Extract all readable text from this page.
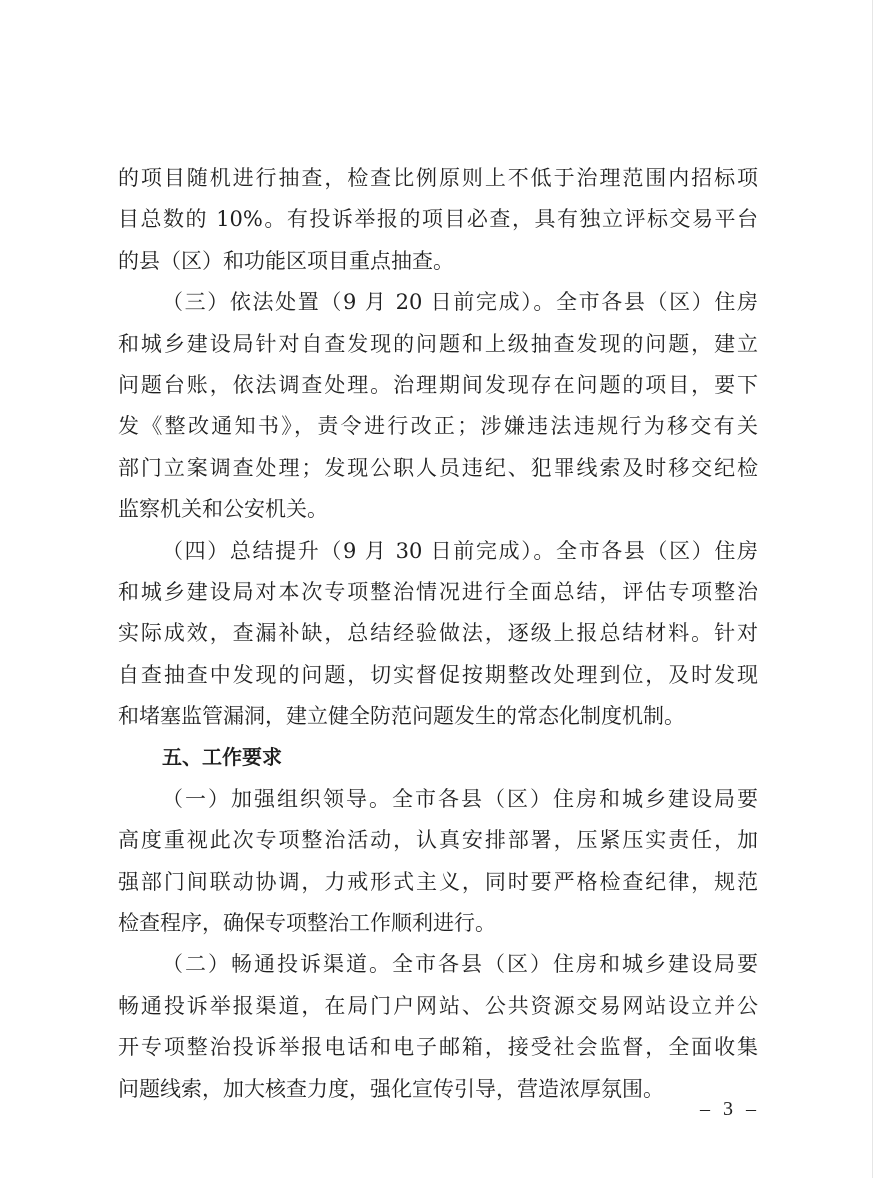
的项目随机进行抽查，检查比例原则上不低于治理范围内招标项
目总数的 10%。有投诉举报的项目必查，具有独立评标交易平台
的县（区）和功能区项目重点抽查。
（三）依法处置（9 月 20 日前完成）。全市各县（区）住房
和城乡建设局针对自查发现的问题和上级抽查发现的问题，建立
问题台账，依法调查处理。治理期间发现存在问题的项目，要下
发《整改通知书》，责令进行改正；涉嫌违法违规行为移交有关
部门立案调查处理；发现公职人员违纪、犯罪线索及时移交纪检
监察机关和公安机关。
（四）总结提升（9 月 30 日前完成）。全市各县（区）住房
和城乡建设局对本次专项整治情况进行全面总结，评估专项整治
实际成效，查漏补缺，总结经验做法，逐级上报总结材料。针对
自查抽查中发现的问题，切实督促按期整改处理到位，及时发现
和堵塞监管漏洞，建立健全防范问题发生的常态化制度机制。
五、工作要求
（一）加强组织领导。全市各县（区）住房和城乡建设局要
高度重视此次专项整治活动，认真安排部署，压紧压实责任，加
强部门间联动协调，力戒形式主义，同时要严格检查纪律，规范
检查程序，确保专项整治工作顺利进行。
（二）畅通投诉渠道。全市各县（区）住房和城乡建设局要
畅通投诉举报渠道，在局门户网站、公共资源交易网站设立并公
开专项整治投诉举报电话和电子邮箱，接受社会监督，全面收集
问题线索，加大核查力度，强化宣传引导，营造浓厚氛围。
– 3 –
